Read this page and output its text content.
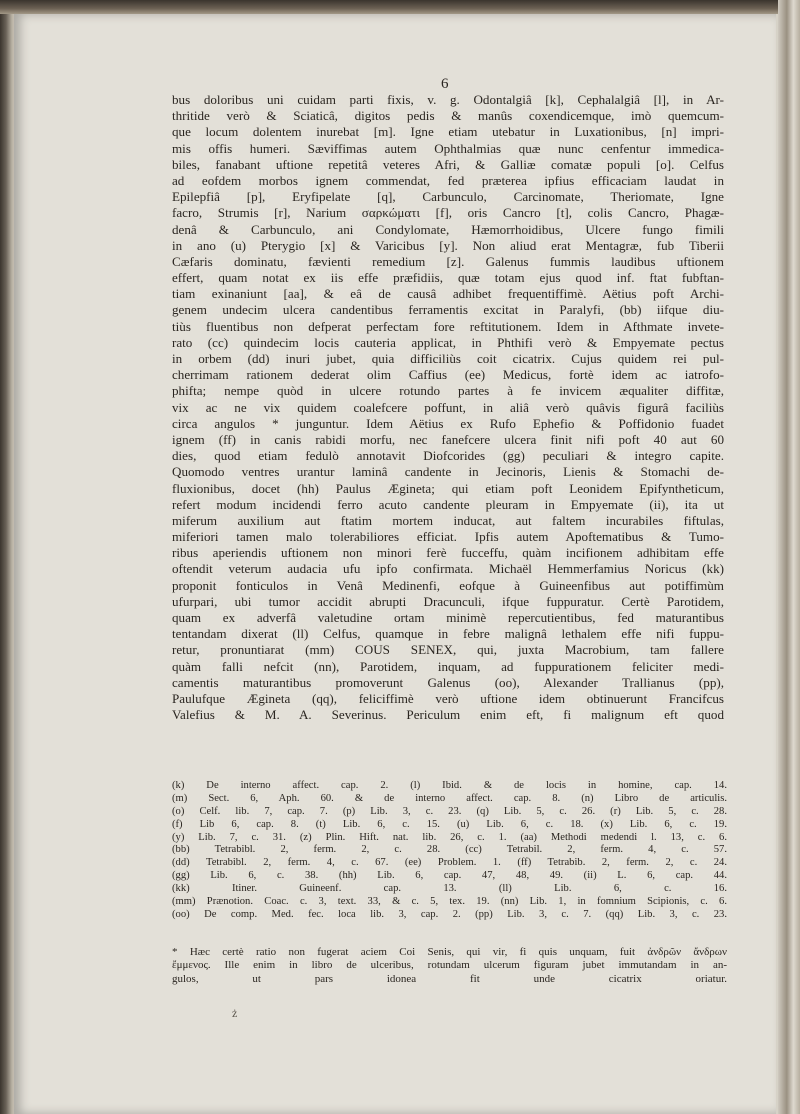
6
bus doloribus uni cuidam parti fixis, v. g. Odontalgiâ [k], Cephalalgiâ [l], in Ar-
thritide verò & Sciaticâ, digitos pedis & manûs coxendicemque, imò quemcum-
que locum dolentem inurebat [m]. Igne etiam utebatur in Luxationibus, [n] impri-
mis offis humeri. Sæviffimas autem Ophthalmias quæ nunc cenfentur immedica-
biles, fanabant uftione repetitâ veteres Afri, & Galliæ comatæ populi [o]. Celfus
ad eofdem morbos ignem commendat, fed præterea ipfius efficaciam laudat in
Epilepfiâ [p], Eryfipelate [q], Carbunculo, Carcinomate, Theriomate, Igne
facro, Strumis [r], Narium σαρκώματι [f], oris Cancro [t], colis Cancro, Phagæ-
denâ & Carbunculo, ani Condylomate, Hæmorrhoidibus, Ulcere fungo fimili
in ano (u) Pterygio [x] & Varicibus [y]. Non aliud erat Mentagræ, fub Tiberii
Cæfaris dominatu, fævienti remedium [z]. Galenus fummis laudibus uftionem
effert, quam notat ex iis effe præfidiis, quæ totam ejus quod inf. ftat fubftan-
tiam exinaniunt [aa], & eâ de causâ adhibet frequentiffimè. Aëtius poft Archi-
genem undecim ulcera candentibus ferramentis excitat in Paralyfi, (bb) iifque diu-
tiùs fluentibus non defperat perfectam fore reftitutionem. Idem in Afthmate invete-
rato (cc) quindecim locis cauteria applicat, in Phthifi verò & Empyemate pectus
in orbem (dd) inuri jubet, quia difficiliùs coit cicatrix. Cujus quidem rei pul-
cherrimam rationem dederat olim Caffius (ee) Medicus, fortè idem ac iatrofo-
phifta; nempe quòd in ulcere rotundo partes à fe invicem æqualiter diffitæ,
vix ac ne vix quidem coalefcere poffunt, in aliâ verò quâvis figurâ faciliùs
circa angulos * junguntur. Idem Aëtius ex Rufo Ephefio & Poffidonio fuadet
ignem (ff) in canis rabidi morfu, nec fanefcere ulcera finit nifi poft 40 aut 60
dies, quod etiam fedulò annotavit Diofcorides (gg) peculiari & integro capite.
Quomodo ventres urantur laminâ candente in Jecinoris, Lienis & Stomachi de-
fluxionibus, docet (hh) Paulus Ægineta; qui etiam poft Leonidem Epifyntheticum,
refert modum incidendi ferro acuto candente pleuram in Empyemate (ii), ita ut
miferum auxilium aut ftatim mortem inducat, aut faltem incurabiles fiftulas,
miferiori tamen malo tolerabiliores efficiat. Ipfis autem Apoftematibus & Tumo-
ribus aperiendis uftionem non minori ferè fucceffu, quàm incifionem adhibitam effe
oftendit veterum audacia ufu ipfo confirmata. Michaël Hemmerfamius Noricus (kk)
proponit fonticulos in Venâ Medinenfi, eofque à Guineenfibus aut potiffimùm
ufurpari, ubi tumor accidit abrupti Dracunculi, ifque fuppuratur. Certè Parotidem,
quam ex adverfâ valetudine ortam minimè repercutientibus, fed maturantibus
tentandam dixerat (ll) Celfus, quamque in febre malignâ lethalem effe nifi fuppu-
retur, pronuntiarat (mm) COUS SENEX, qui, juxta Macrobium, tam fallere
quàm falli nefcit (nn), Parotidem, inquam, ad fuppurationem feliciter medi-
camentis maturantibus promoverunt Galenus (oo), Alexander Trallianus (pp),
Paulufque Ægineta (qq), feliciffimè verò uftione idem obtinuerunt Francifcus
Valefius & M. A. Severinus. Periculum enim eft, fi malignum eft quod
(k) De interno affect. cap. 2. (l) Ibid. & de locis in homine, cap. 14.
(m) Sect. 6, Aph. 60. & de interno affect. cap. 8. (n) Libro de articulis.
(o) Celf. lib. 7, cap. 7. (p) Lib. 3, c. 23. (q) Lib. 5, c. 26. (r) Lib. 5, c. 28.
(f) Lib 6, cap. 8. (t) Lib. 6, c. 15. (u) Lib. 6, c. 18. (x) Lib. 6, c. 19.
(y) Lib. 7, c. 31. (z) Plin. Hift. nat. lib. 26, c. 1. (aa) Methodi medendi l. 13, c. 6.
(bb) Tetrabibl. 2, ferm. 2, c. 28. (cc) Tetrabil. 2, ferm. 4, c. 57.
(dd) Tetrabibl. 2, ferm. 4, c. 67. (ee) Problem. 1. (ff) Tetrabib. 2, ferm. 2, c. 24.
(gg) Lib. 6, c. 38. (hh) Lib. 6, cap. 47, 48, 49. (ii) L. 6, cap. 44.
(kk) Itiner. Guineenf. cap. 13. (ll) Lib. 6, c. 16.
(mm) Prænotion. Coac. c. 3, text. 33, & c. 5, tex. 19. (nn) Lib. 1, in fomnium Scipionis, c. 6.
(oo) De comp. Med. fec. loca lib. 3, cap. 2. (pp) Lib. 3, c. 7. (qq) Lib. 3, c. 23.
* Hæc certè ratio non fugerat aciem Coi Senis, qui vir, fi quis unquam, fuit ἀνδρῶν ἄνδρων
ἔμμενος. Ille enim in libro de ulceribus, rotundam ulcerum figuram jubet immutandam in an-
gulos, ut pars idonea fit unde cicatrix oriatur.
ż
